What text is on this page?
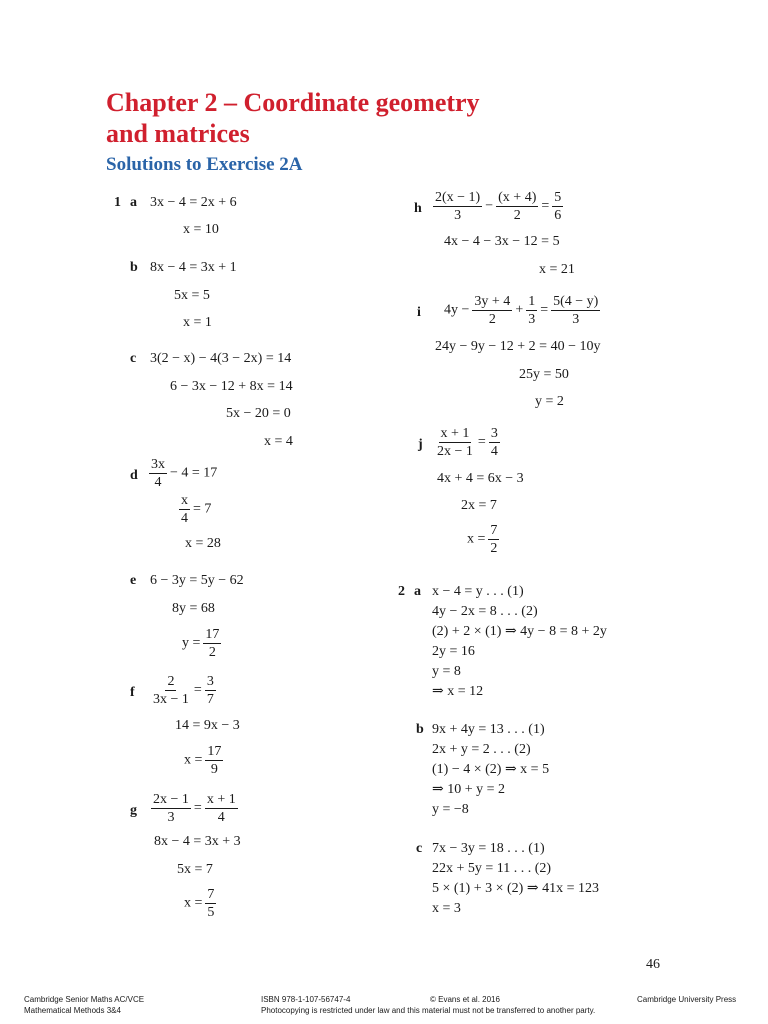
Chapter 2 – Coordinate geometry
and matrices
Solutions to Exercise 2A
1 a 3x − 4 = 2x + 6
x = 10
b 8x − 4 = 3x + 1
5x = 5
x = 1
c 3(2 − x) − 4(3 − 2x) = 14
6 − 3x − 12 + 8x = 14
5x − 20 = 0
x = 4
d $\frac{3x}{4} - 4 = 17$
$\frac{x}{4} = 7$
x = 28
e 6 − 3y = 5y − 62
8y = 68
$y = \frac{17}{2}$
f $\frac{2}{3x - 1} = \frac{3}{7}$
14 = 9x − 3
$x = \frac{17}{9}$
g $\frac{2x - 1}{3} = \frac{x + 1}{4}$
8x − 4 = 3x + 3
5x = 7
$x = \frac{7}{5}$
h $\frac{2(x - 1)}{3} - \frac{(x + 4)}{2} = \frac{5}{6}$
4x − 4 − 3x − 12 = 5
x = 21
i $4y - \frac{3y + 4}{2} + \frac{1}{3} = \frac{5(4 - y)}{3}$
24y − 9y − 12 + 2 = 40 − 10y
25y = 50
y = 2
j $\frac{x + 1}{2x - 1} = \frac{3}{4}$
4x + 4 = 6x − 3
2x = 7
$x = \frac{7}{2}$
2 a x − 4 = y . . . (1)
4y − 2x = 8 . . . (2)
(2) + 2 × (1) ⇒ 4y − 8 = 8 + 2y
2y = 16
y = 8
⇒ x = 12
b 9x + 4y = 13 . . . (1)
2x + y = 2 . . . (2)
(1) − 4 × (2) ⇒ x = 5
⇒ 10 + y = 2
y = −8
c 7x − 3y = 18 . . . (1)
22x + 5y = 11 . . . (2)
5 × (1) + 3 × (2) ⇒ 41x = 123
x = 3
46
Cambridge Senior Maths AC/VCE
Mathematical Methods 3&4
ISBN 978-1-107-56747-4	© Evans et al. 2016	Cambridge University Press
Photocopying is restricted under law and this material must not be transferred to another party.
